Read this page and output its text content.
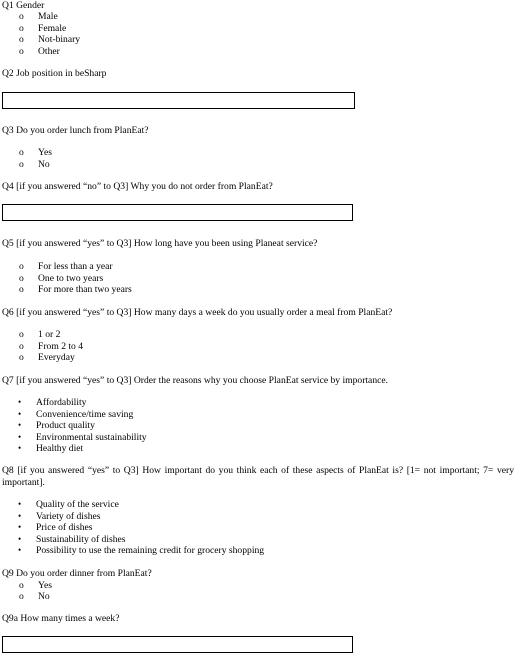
Q1 Gender
o	Male
o	Female
o	Not-binary
o	Other
Q2 Job position in beSharp
Q3 Do you order lunch from PlanEat?
o	Yes
o	No
Q4 [if you answered “no” to Q3] Why you do not order from PlanEat?
Q5 [if you answered “yes” to Q3] How long have you been using Planeat service?
o	For less than a year
o	One to two years
o	For more than two years
Q6 [if you answered “yes” to Q3] How many days a week do you usually order a meal from PlanEat?
o	1 or 2
o	From 2 to 4
o	Everyday
Q7 [if you answered “yes” to Q3] Order the reasons why you choose PlanEat service by importance.
•	Affordability
•	Convenience/time saving
•	Product quality
•	Environmental sustainability
•	Healthy diet
Q8 [if you answered “yes” to Q3] How important do you think each of these aspects of PlanEat is? [1= not important; 7= very important].
•	Quality of the service
•	Variety of dishes
•	Price of dishes
•	Sustainability of dishes
•	Possibility to use the remaining credit for grocery shopping
Q9 Do you order dinner from PlanEat?
o	Yes
o	No
Q9a How many times a week?
